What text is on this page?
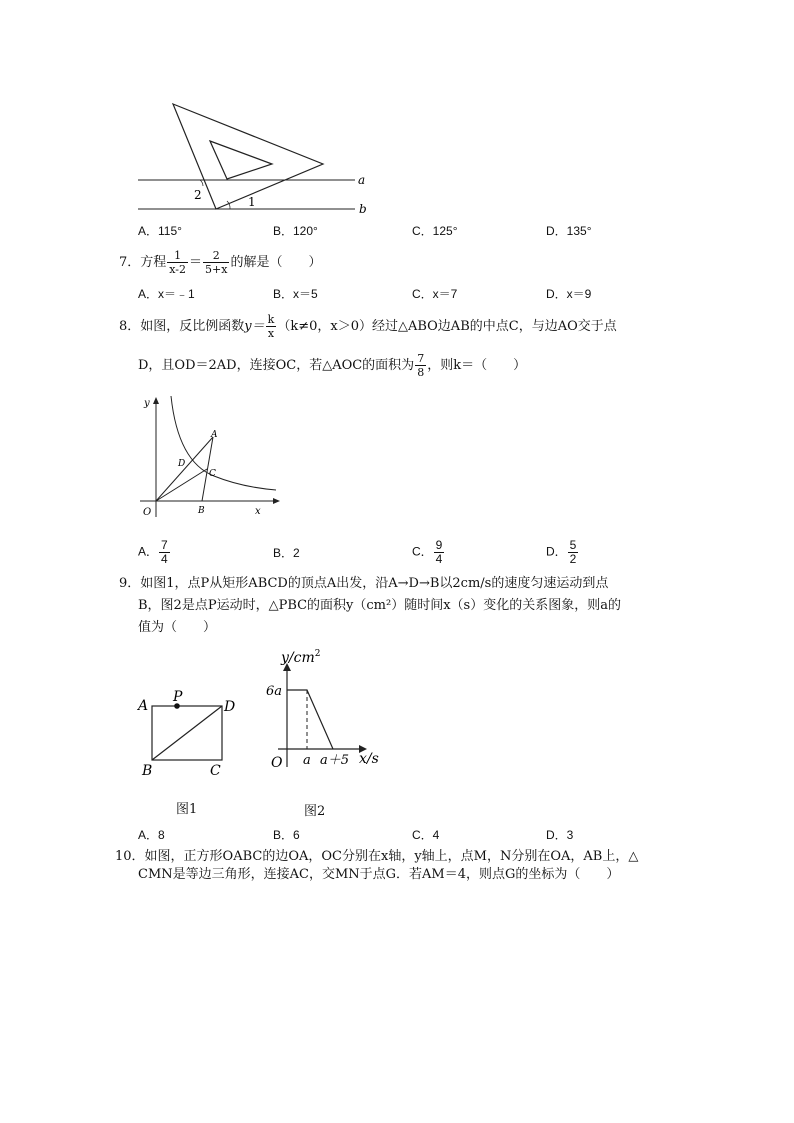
a
b
2	1
A．115°	B．120°	C．125°	D．135°
7．方程 $\frac{1}{x-2} = \frac{2}{5+x}$ 的解是（　　）
A．x＝﹣1	B．x＝5	C．x＝7	D．x＝9
8．如图，反比例函数$y= \frac{k}{x} (k\ne 0$，x＞0）经过△ABO边AB的中点C，与边AO交于点
D，且OD＝2AD，连接OC，若△AOC的面积为 $\frac{7}{8}$ ，则k＝（　　）
y
x
O
A
B
C
D
A． $\frac{7}{4}$	B．2	C． $\frac{9}{4}$	D． $\frac{5}{2}$
9．如图1，点P从矩形ABCD的顶点A出发，沿A→D→B以2cm/s的速度匀速运动到点
B，图2是点P运动时，△PBC的面积y（cm²）随时间x（s）变化的关系图象，则a的
值为（　　）
A
P
D
B	C
图1
$y/cm^2$
6a
O a a＋5 x/s
图2
A．8	B．6	C．4	D．3
10．如图，正方形OABC的边OA，OC分别在x轴，y轴上，点M，N分别在OA，AB上，△
CMN是等边三角形，连接AC，交MN于点G．若AM＝4，则点G的坐标为（　　）
